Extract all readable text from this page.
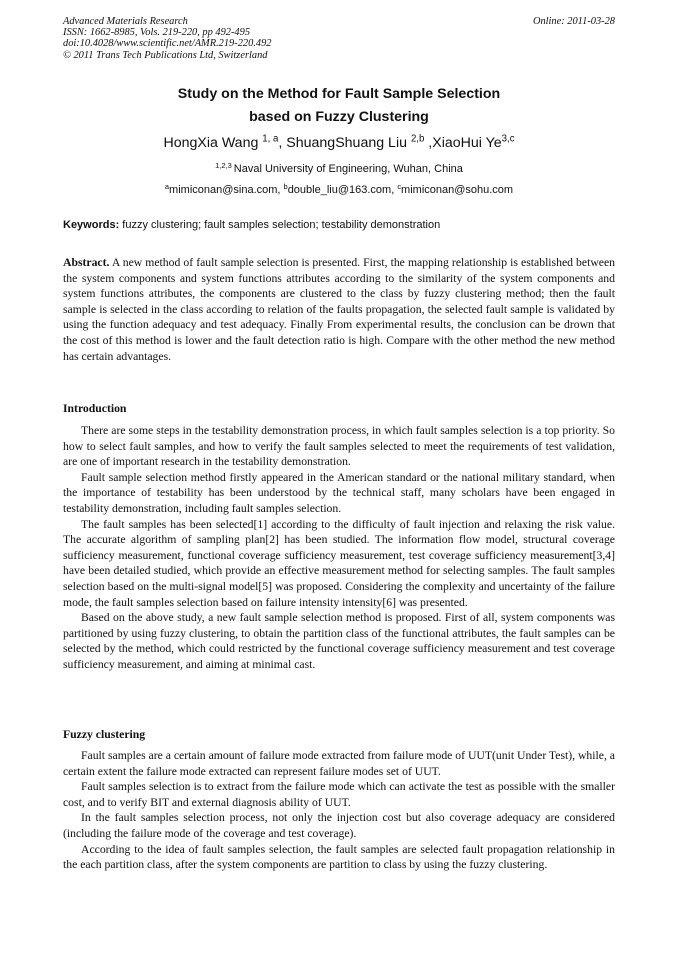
Advanced Materials Research
ISSN: 1662-8985, Vols. 219-220, pp 492-495
doi:10.4028/www.scientific.net/AMR.219-220.492
© 2011 Trans Tech Publications Ltd, Switzerland
Online: 2011-03-28
Study on the Method for Fault Sample Selection
based on Fuzzy Clustering
HongXia Wang $^{1, a}$, ShuangShuang Liu $^{2,b}$ ,XiaoHui Ye$^{3,c}$
$^{1,2,3}$ Naval University of Engineering, Wuhan, China
$^a$mimiconan@sina.com, $^b$double_liu@163.com, $^c$mimiconan@sohu.com
Keywords: fuzzy clustering; fault samples selection; testability demonstration

Abstract. A new method of fault sample selection is presented. First, the mapping relationship is established between the system components and system functions attributes according to the similarity of the system components and system functions attributes, the components are clustered to the class by fuzzy clustering method; then the fault sample is selected in the class according to relation of the faults propagation, the selected fault sample is validated by using the function adequacy and test adequacy. Finally From experimental results, the conclusion can be drown that the cost of this method is lower and the fault detection ratio is high. Compare with the other method the new method has certain advantages.

Introduction

There are some steps in the testability demonstration process, in which fault samples selection is a top priority. So how to select fault samples, and how to verify the fault samples selected to meet the requirements of test validation, are one of important research in the testability demonstration.

Fault sample selection method firstly appeared in the American standard or the national military standard, when the importance of testability has been understood by the technical staff, many scholars have been engaged in testability demonstration, including fault samples selection.

The fault samples has been selected[1] according to the difficulty of fault injection and relaxing the risk value. The accurate algorithm of sampling plan[2] has been studied. The information flow model, structural coverage sufficiency measurement, functional coverage sufficiency measurement, test coverage sufficiency measurement[3,4] have been detailed studied, which provide an effective measurement method for selecting samples. The fault samples selection based on the multi-signal model[5] was proposed. Considering the complexity and uncertainty of the failure mode, the fault samples selection based on failure intensity intensity[6] was presented.

Based on the above study, a new fault sample selection method is proposed. First of all, system components was partitioned by using fuzzy clustering, to obtain the partition class of the functional attributes, the fault samples can be selected by the method, which could restricted by the functional coverage sufficiency measurement and test coverage sufficiency measurement, and aiming at minimal cast.

Fuzzy clustering

Fault samples are a certain amount of failure mode extracted from failure mode of UUT(unit Under Test), while, a certain extent the failure mode extracted can represent failure modes set of UUT.

Fault samples selection is to extract from the failure mode which can activate the test as possible with the smaller cost, and to verify BIT and external diagnosis ability of UUT.

In the fault samples selection process, not only the injection cost but also coverage adequacy are considered (including the failure mode of the coverage and test coverage).

According to the idea of fault samples selection, the fault samples are selected fault propagation relationship in the each partition class, after the system components are partition to class by using the fuzzy clustering.
